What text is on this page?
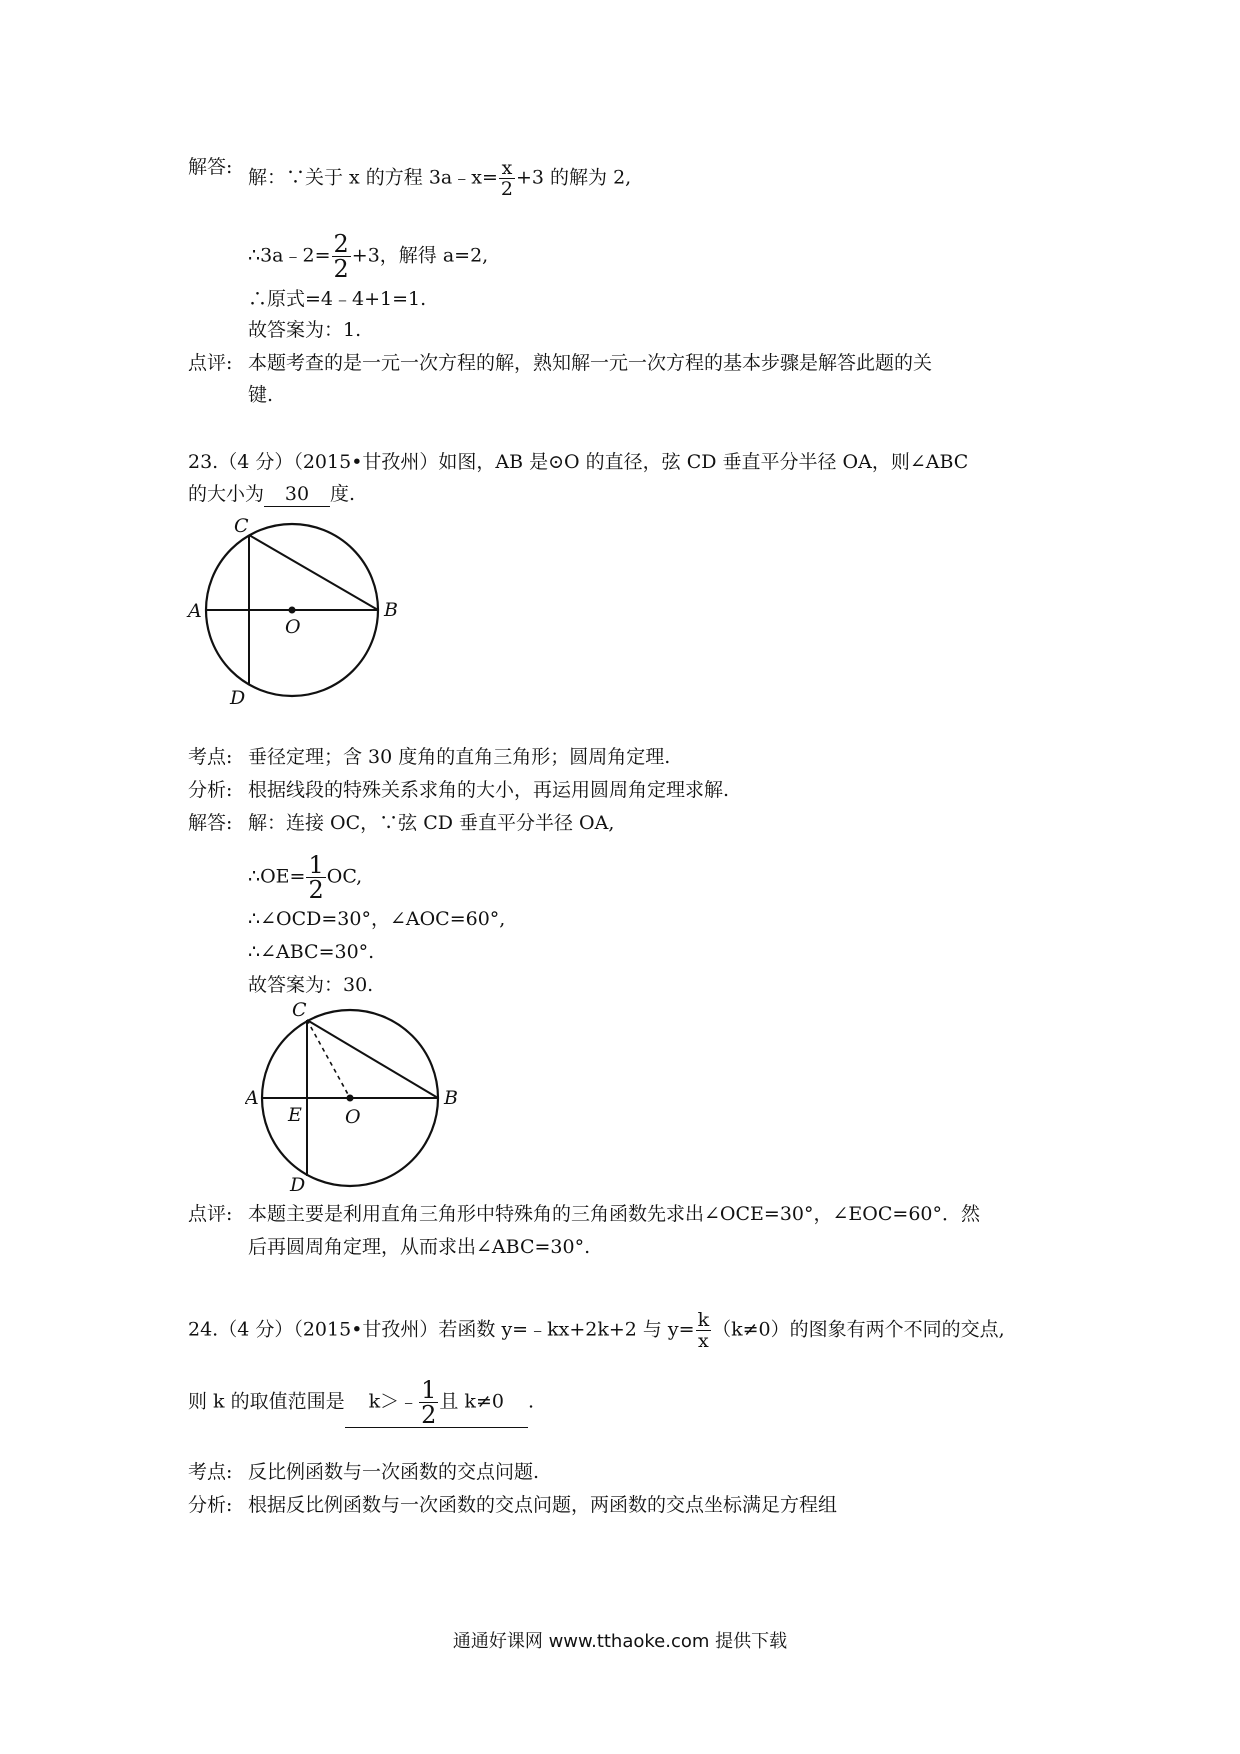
解答: 解：∵关于 x 的方程 3a﹣x= $\frac{x}{2} +3$ 的解为 2,
∴3a﹣2= $\frac{2}{2} +3$，解得 a=2,
∴原式=4﹣4+1=1.
故答案为：1.
点评: 本题考查的是一元一次方程的解，熟知解一元一次方程的基本步骤是解答此题的关
键.
23.（4 分）（2015•甘孜州）如图，AB 是⊙O 的直径，弦 CD 垂直平分半径 OA，则∠ABC
的大小为 30 度.
C
A
O
B
D
考点: 垂径定理；含 30 度角的直角三角形；圆周角定理.
分析: 根据线段的特殊关系求角的大小，再运用圆周角定理求解.
解答: 解：连接 OC，∵弦 CD 垂直平分半径 OA,
∴OE= $\frac{1}{2}$ OC,
∴∠OCD=30°，∠AOC=60°,
∴∠ABC=30°.
故答案为：30.
C
A
E O
B
D
点评: 本题主要是利用直角三角形中特殊角的三角函数先求出∠OCE=30°，∠EOC=60°．然
后再圆周角定理，从而求出∠ABC=30°.
24.（4 分）（2015•甘孜州）若函数 y=﹣kx+2k+2 与 $y= \frac{k}{x} (k\ne 0)$的图象有两个不同的交点,
则 k 的取值范围是 k＞﹣ $\frac{1}{2}$ 且 k≠0 .
考点: 反比例函数与一次函数的交点问题.
分析: 根据反比例函数与一次函数的交点问题，两函数的交点坐标满足方程组
通通好课网 www.tthaoke.com 提供下载
